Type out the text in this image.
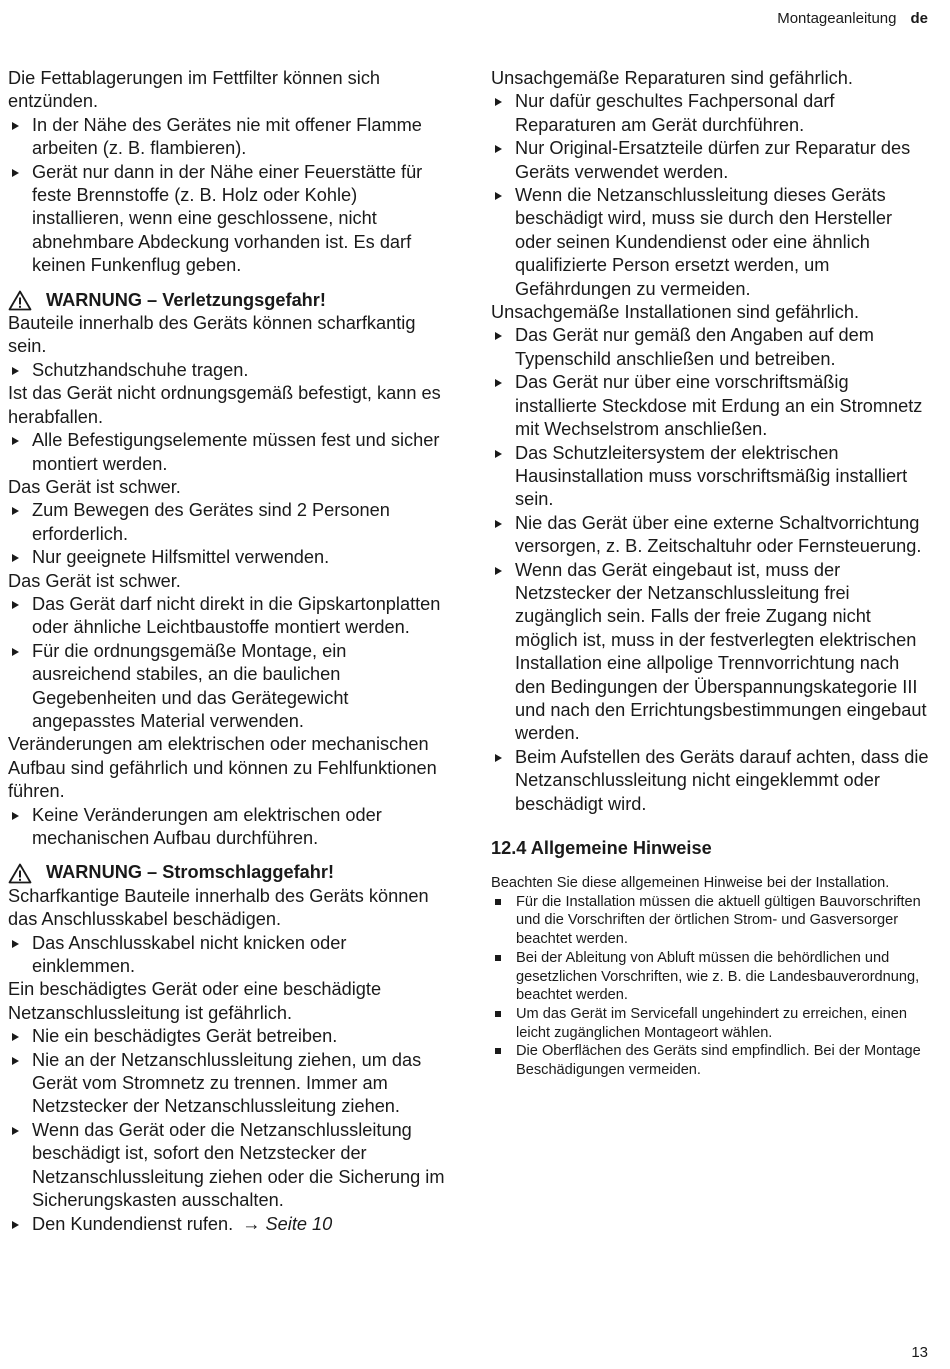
Montageanleitung de

Die Fettablagerungen im Fettfilter können sich entzünden.

In der Nähe des Gerätes nie mit offener Flamme arbeiten (z. B. flambieren).

Gerät nur dann in der Nähe einer Feuerstätte für feste Brennstoffe (z. B. Holz oder Kohle) installieren, wenn eine geschlossene, nicht abnehmbare Abdeckung vorhanden ist. Es darf keinen Funkenflug geben.

WARNUNG – Verletzungsgefahr!

Bauteile innerhalb des Geräts können scharfkantig sein.

Schutzhandschuhe tragen.

Ist das Gerät nicht ordnungsgemäß befestigt, kann es herabfallen.

Alle Befestigungselemente müssen fest und sicher montiert werden.

Das Gerät ist schwer.

Zum Bewegen des Gerätes sind 2 Personen erforderlich.

Nur geeignete Hilfsmittel verwenden.

Das Gerät ist schwer.

Das Gerät darf nicht direkt in die Gipskartonplatten oder ähnliche Leichtbaustoffe montiert werden.

Für die ordnungsgemäße Montage, ein ausreichend stabiles, an die baulichen Gegebenheiten und das Gerätegewicht angepasstes Material verwenden.

Veränderungen am elektrischen oder mechanischen Aufbau sind gefährlich und können zu Fehlfunktionen führen.

Keine Veränderungen am elektrischen oder mechanischen Aufbau durchführen.

WARNUNG – Stromschlaggefahr!

Scharfkantige Bauteile innerhalb des Geräts können das Anschlusskabel beschädigen.

Das Anschlusskabel nicht knicken oder einklemmen.

Ein beschädigtes Gerät oder eine beschädigte Netzanschlussleitung ist gefährlich.

Nie ein beschädigtes Gerät betreiben.

Nie an der Netzanschlussleitung ziehen, um das Gerät vom Stromnetz zu trennen. Immer am Netzstecker der Netzanschlussleitung ziehen.

Wenn das Gerät oder die Netzanschlussleitung beschädigt ist, sofort den Netzstecker der Netzanschlussleitung ziehen oder die Sicherung im Sicherungskasten ausschalten.

Den Kundendienst rufen. → Seite 10

Unsachgemäße Reparaturen sind gefährlich.

Nur dafür geschultes Fachpersonal darf Reparaturen am Gerät durchführen.

Nur Original-Ersatzteile dürfen zur Reparatur des Geräts verwendet werden.

Wenn die Netzanschlussleitung dieses Geräts beschädigt wird, muss sie durch den Hersteller oder seinen Kundendienst oder eine ähnlich qualifizierte Person ersetzt werden, um Gefährdungen zu vermeiden.

Unsachgemäße Installationen sind gefährlich.

Das Gerät nur gemäß den Angaben auf dem Typenschild anschließen und betreiben.

Das Gerät nur über eine vorschriftsmäßig installierte Steckdose mit Erdung an ein Stromnetz mit Wechselstrom anschließen.

Das Schutzleitersystem der elektrischen Hausinstallation muss vorschriftsmäßig installiert sein.

Nie das Gerät über eine externe Schaltvorrichtung versorgen, z. B. Zeitschaltuhr oder Fernsteuerung.

Wenn das Gerät eingebaut ist, muss der Netzstecker der Netzanschlussleitung frei zugänglich sein. Falls der freie Zugang nicht möglich ist, muss in der festverlegten elektrischen Installation eine allpolige Trennvorrichtung nach den Bedingungen der Überspannungskategorie III und nach den Errichtungsbestimmungen eingebaut werden.

Beim Aufstellen des Geräts darauf achten, dass die Netzanschlussleitung nicht eingeklemmt oder beschädigt wird.

12.4 Allgemeine Hinweise

Beachten Sie diese allgemeinen Hinweise bei der Installation.

Für die Installation müssen die aktuell gültigen Bauvorschriften und die Vorschriften der örtlichen Strom- und Gasversorger beachtet werden.

Bei der Ableitung von Abluft müssen die behördlichen und gesetzlichen Vorschriften, wie z. B. die Landesbauverordnung, beachtet werden.

Um das Gerät im Servicefall ungehindert zu erreichen, einen leicht zugänglichen Montageort wählen.

Die Oberflächen des Geräts sind empfindlich. Bei der Montage Beschädigungen vermeiden.

13
